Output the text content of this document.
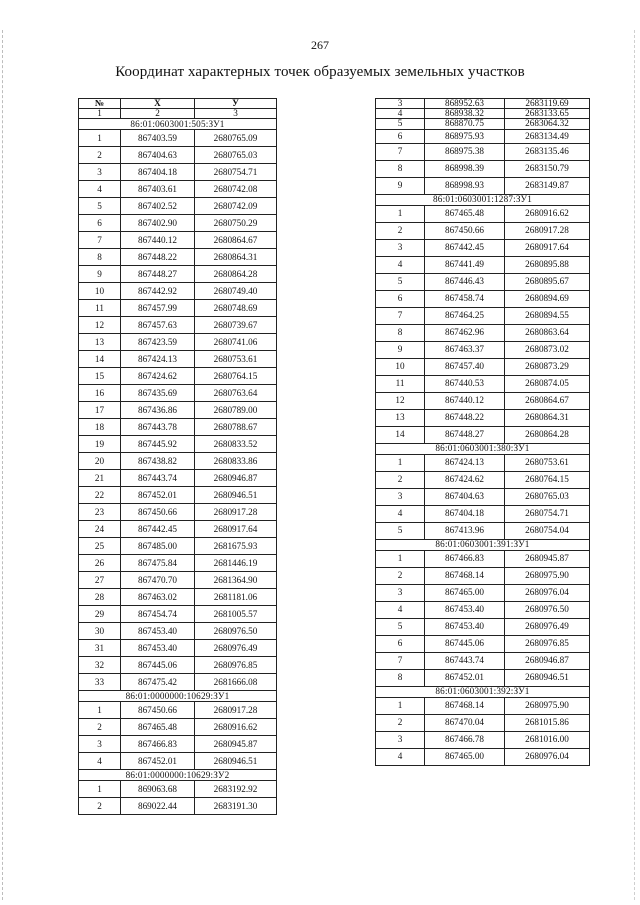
267
Координат характерных точек образуемых земельных участков
№	X	У
1	2	3
86:01:0603001:505:ЗУ1		
1	867403.59	2680765.09
2	867404.63	2680765.03
3	867404.18	2680754.71
4	867403.61	2680742.08
5	867402.52	2680742.09
6	867402.90	2680750.29
7	867440.12	2680864.67
8	867448.22	2680864.31
9	867448.27	2680864.28
10	867442.92	2680749.40
11	867457.99	2680748.69
12	867457.63	2680739.67
13	867423.59	2680741.06
14	867424.13	2680753.61
15	867424.62	2680764.15
16	867435.69	2680763.64
17	867436.86	2680789.00
18	867443.78	2680788.67
19	867445.92	2680833.52
20	867438.82	2680833.86
21	867443.74	2680946.87
22	867452.01	2680946.51
23	867450.66	2680917.28
24	867442.45	2680917.64
25	867485.00	2681675.93
26	867475.84	2681446.19
27	867470.70	2681364.90
28	867463.02	2681181.06
29	867454.74	2681005.57
30	867453.40	2680976.50
31	867453.40	2680976.49
32	867445.06	2680976.85
33	867475.42	2681666.08
86:01:0000000:10629:ЗУ1		
1	867450.66	2680917.28
2	867465.48	2680916.62
3	867466.83	2680945.87
4	867452.01	2680946.51
86:01:0000000:10629:ЗУ2		
1	869063.68	2683192.92
2	869022.44	2683191.30
3	868952.63	2683119.69
4	868938.32	2683133.65
5	868870.75	2683064.32
6	868975.93	2683134.49
7	868975.38	2683135.46
8	868998.39	2683150.79
9	868998.93	2683149.87
86:01:0603001:1287:ЗУ1		
1	867465.48	2680916.62
2	867450.66	2680917.28
3	867442.45	2680917.64
4	867441.49	2680895.88
5	867446.43	2680895.67
6	867458.74	2680894.69
7	867464.25	2680894.55
8	867462.96	2680863.64
9	867463.37	2680873.02
10	867457.40	2680873.29
11	867440.53	2680874.05
12	867440.12	2680864.67
13	867448.22	2680864.31
14	867448.27	2680864.28
86:01:0603001:380:ЗУ1		
1	867424.13	2680753.61
2	867424.62	2680764.15
3	867404.63	2680765.03
4	867404.18	2680754.71
5	867413.96	2680754.04
86:01:0603001:391:ЗУ1		
1	867466.83	2680945.87
2	867468.14	2680975.90
3	867465.00	2680976.04
4	867453.40	2680976.50
5	867453.40	2680976.49
6	867445.06	2680976.85
7	867443.74	2680946.87
8	867452.01	2680946.51
86:01:0603001:392:ЗУ1		
1	867468.14	2680975.90
2	867470.04	2681015.86
3	867466.78	2681016.00
4	867465.00	2680976.04
